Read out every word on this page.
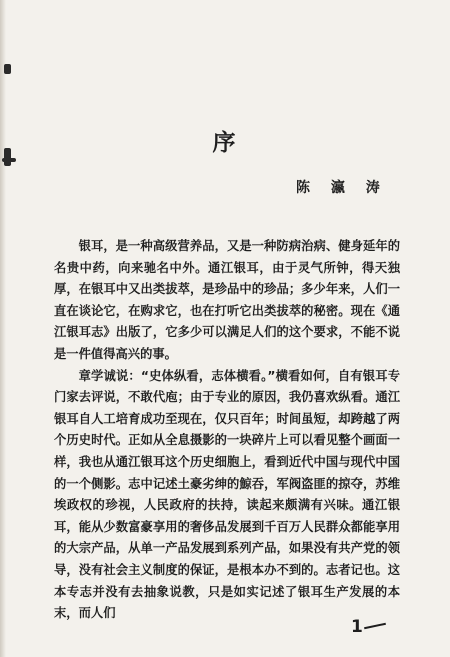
序
陈 瀛 涛

银耳，是一种高级营养品，又是一种防病治病、健身延年的名贵中药，向来驰名中外。通江银耳，由于灵气所钟，得天独厚，在银耳中又出类拔萃，是珍品中的珍品；多少年来，人们一直在谈论它，在购求它，也在打听它出类拔萃的秘密。现在《通江银耳志》出版了，它多少可以满足人们的这个要求，不能不说是一件值得高兴的事。

章学诚说：“史体纵看，志体横看。”横看如何，自有银耳专门家去评说，不敢代庖；由于专业的原因，我仍喜欢纵看。通江银耳自人工培育成功至现在，仅只百年；时间虽短，却跨越了两个历史时代。正如从全息摄影的一块碎片上可以看见整个画面一样，我也从通江银耳这个历史细胞上，看到近代中国与现代中国的一个侧影。志中记述土豪劣绅的鯨吞，军阀盗匪的掠夺，苏维埃政权的珍视，人民政府的扶持，读起来颇满有兴味。通江银耳，能从少数富豪享用的奢侈品发展到千百万人民群众都能享用的大宗产品，从单一产品发展到系列产品，如果没有共产党的领导，没有社会主义制度的保证，是根本办不到的。志者记也。这本专志并没有去抽象说教，只是如实记述了银耳生产发展的本末，而人们

1
